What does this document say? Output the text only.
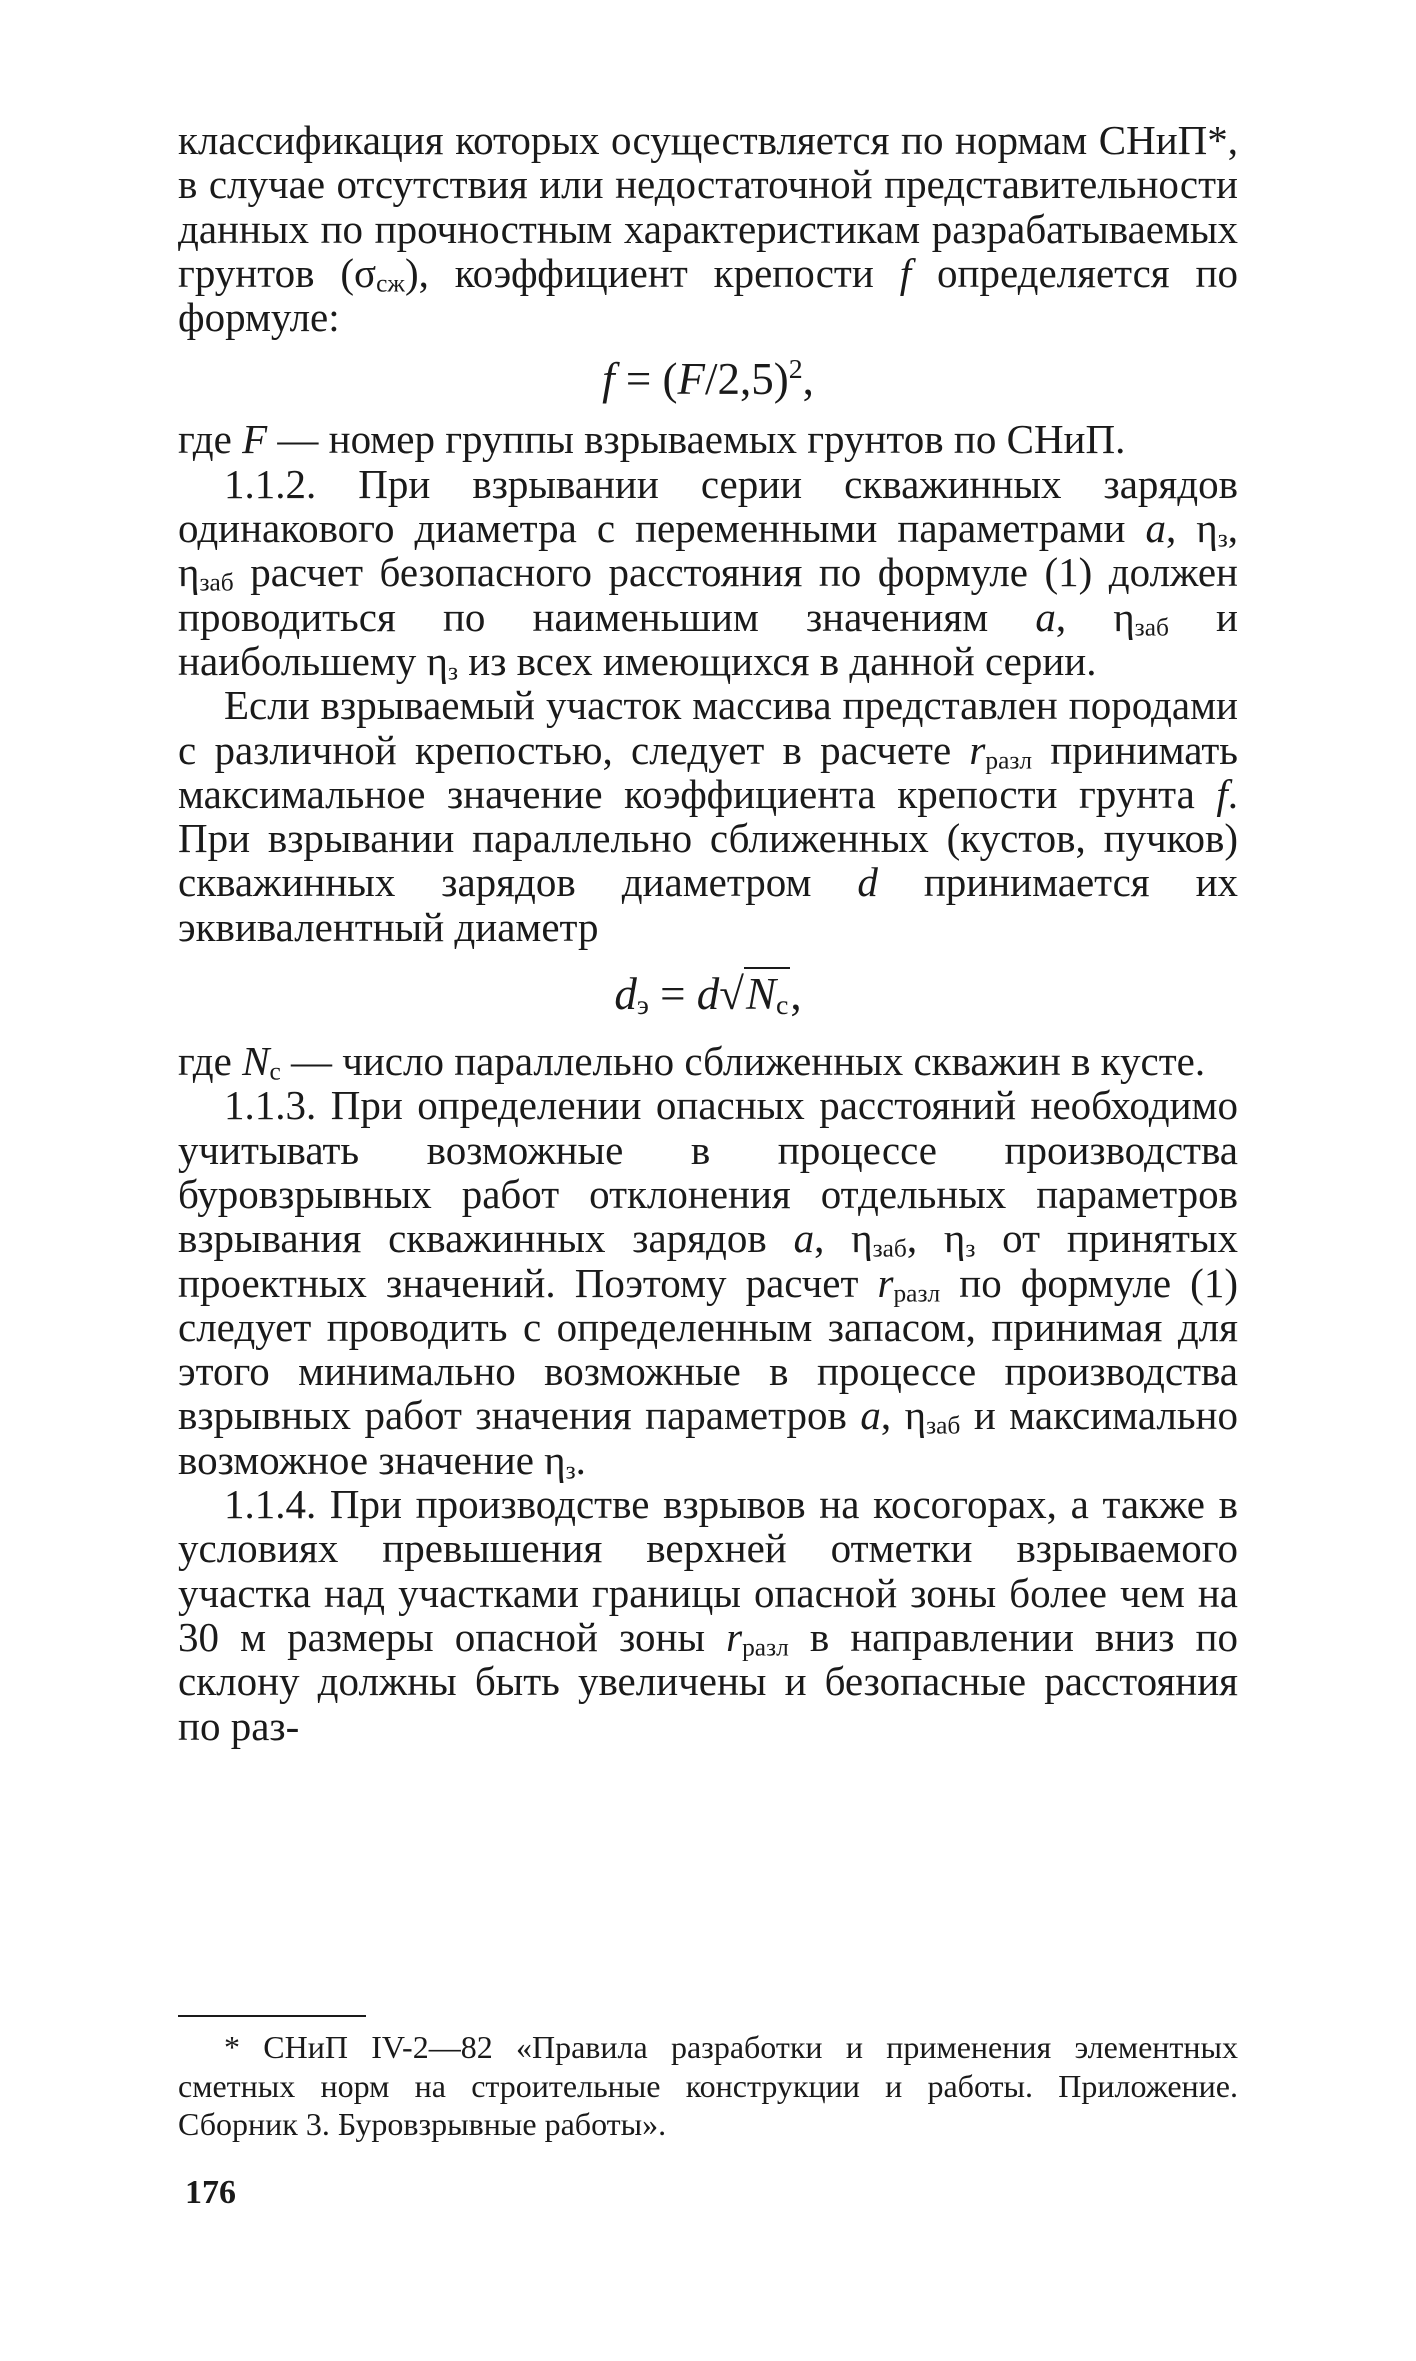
классификация которых осуществляется по нормам СНиП*, в случае отсутствия или недостаточной представительности данных по прочностным характеристикам разрабатываемых грунтов $(\sigma_{сж})$, коэффициент крепости f определяется по формуле:

$f = (F/2,5)^2$,

где F — номер группы взрываемых грунтов по СНиП.

1.1.2. При взрывании серии скважинных зарядов одинакового диаметра с переменными параметрами a, $\eta_з$, $\eta_{заб}$ расчет безопасного расстояния по формуле (1) должен проводиться по наименьшим значениям a, $\eta_{заб}$ и наибольшему $\eta_з$ из всех имеющихся в данной серии.

Если взрываемый участок массива представлен породами с различной крепостью, следует в расчете $r_{разл}$ принимать максимальное значение коэффициента крепости грунта f. При взрывании параллельно сближенных (кустов, пучков) скважинных зарядов диаметром d принимается их эквивалентный диаметр

$d_э = d√N_c$,

где $N_c$ — число параллельно сближенных скважин в кусте.

1.1.3. При определении опасных расстояний необходимо учитывать возможные в процессе производства буровзрывных работ отклонения отдельных параметров взрывания скважинных зарядов a, $\eta_{заб}$, $\eta_з$ от принятых проектных значений. Поэтому расчет $r_{разл}$ по формуле (1) следует проводить с определенным запасом, принимая для этого минимально возможные в процессе производства взрывных работ значения параметров a, $\eta_{заб}$ и максимально возможное значение $\eta_з$.

1.1.4. При производстве взрывов на косогорах, а также в условиях превышения верхней отметки взрываемого участка над участками границы опасной зоны более чем на 30 м размеры опасной зоны $r_{разл}$ в направлении вниз по склону должны быть увеличены и безопасные расстояния по раз-

* СНиП IV-2—82 «Правила разработки и применения элементных сметных норм на строительные конструкции и работы. Приложение. Сборник 3. Буровзрывные работы».
176
